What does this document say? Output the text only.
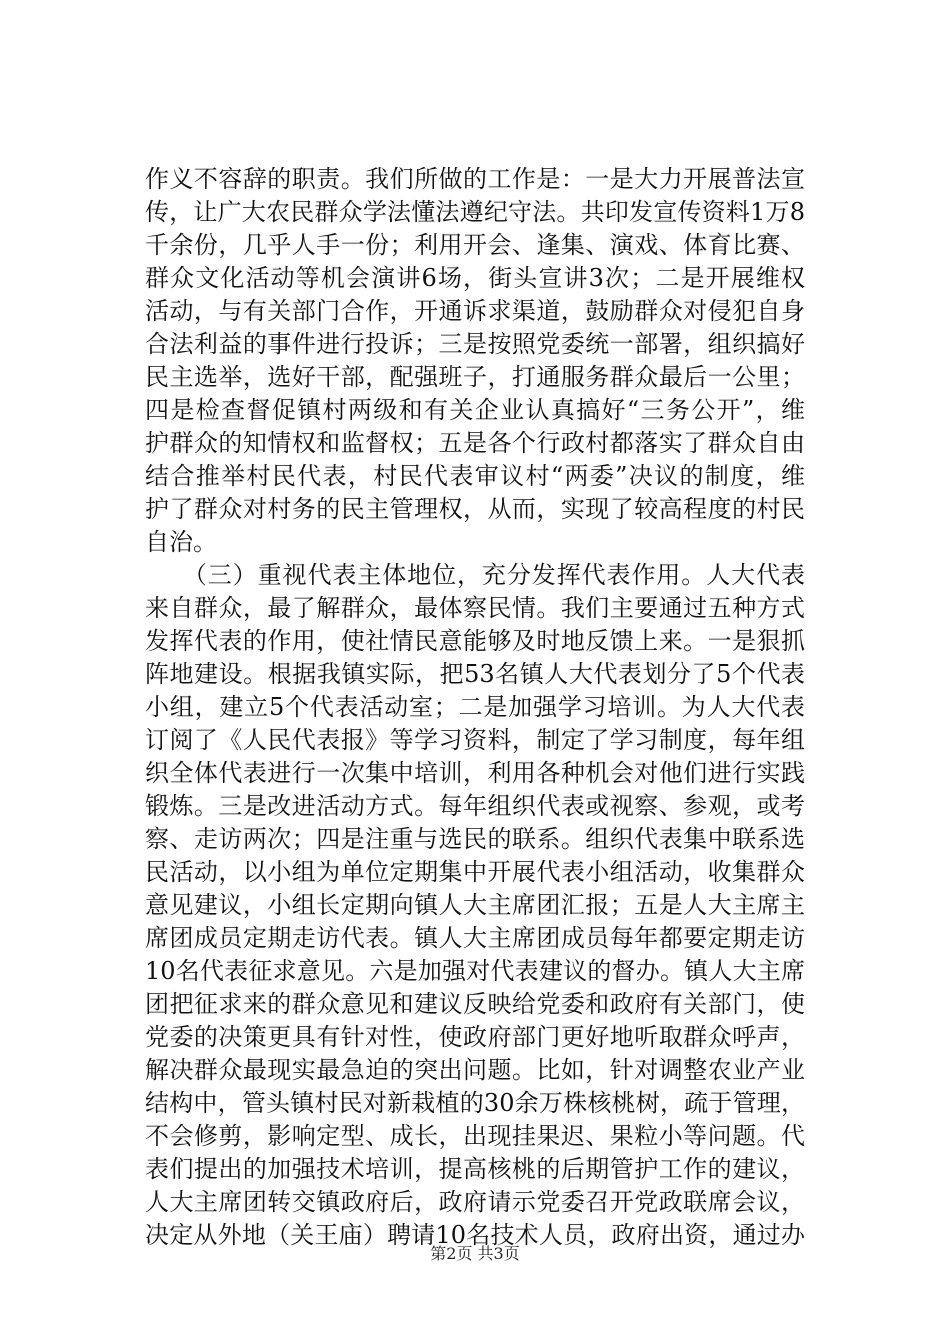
作义不容辞的职责。我们所做的工作是：一是大力开展普法宣
传，让广大农民群众学法懂法遵纪守法。共印发宣传资料1万8
千余份，几乎人手一份；利用开会、逢集、演戏、体育比赛、
群众文化活动等机会演讲6场，街头宣讲3次；二是开展维权
活动，与有关部门合作，开通诉求渠道，鼓励群众对侵犯自身
合法利益的事件进行投诉；三是按照党委统一部署，组织搞好
民主选举，选好干部，配强班子，打通服务群众最后一公里；
四是检查督促镇村两级和有关企业认真搞好“三务公开”，维
护群众的知情权和监督权；五是各个行政村都落实了群众自由
结合推举村民代表，村民代表审议村“两委”决议的制度，维
护了群众对村务的民主管理权，从而，实现了较高程度的村民
自治。
　　（三）重视代表主体地位，充分发挥代表作用。人大代表
来自群众，最了解群众，最体察民情。我们主要通过五种方式
发挥代表的作用，使社情民意能够及时地反馈上来。一是狠抓
阵地建设。根据我镇实际，把53名镇人大代表划分了5个代表
小组，建立5个代表活动室；二是加强学习培训。为人大代表
订阅了《人民代表报》等学习资料，制定了学习制度，每年组
织全体代表进行一次集中培训，利用各种机会对他们进行实践
锻炼。三是改进活动方式。每年组织代表或视察、参观，或考
察、走访两次；四是注重与选民的联系。组织代表集中联系选
民活动，以小组为单位定期集中开展代表小组活动，收集群众
意见建议，小组长定期向镇人大主席团汇报；五是人大主席主
席团成员定期走访代表。镇人大主席团成员每年都要定期走访
10名代表征求意见。六是加强对代表建议的督办。镇人大主席
团把征求来的群众意见和建议反映给党委和政府有关部门，使
党委的决策更具有针对性，使政府部门更好地听取群众呼声，
解决群众最现实最急迫的突出问题。比如，针对调整农业产业
结构中，管头镇村民对新栽植的30余万株核桃树，疏于管理，
不会修剪，影响定型、成长，出现挂果迟、果粒小等问题。代
表们提出的加强技术培训，提高核桃的后期管护工作的建议，
人大主席团转交镇政府后，政府请示党委召开党政联席会议，
决定从外地（关王庙）聘请10名技术人员，政府出资，通过办
第2页 共3页
